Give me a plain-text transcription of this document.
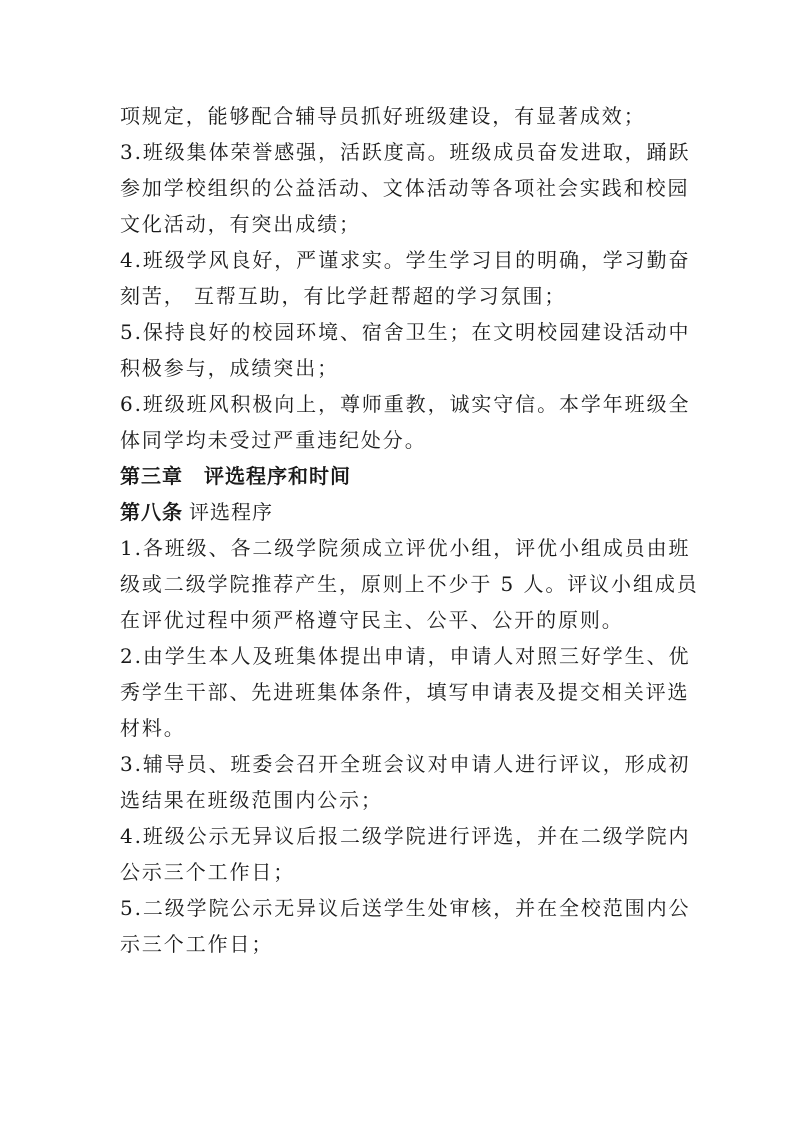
项规定，能够配合辅导员抓好班级建设，有显著成效；
3.班级集体荣誉感强，活跃度高。班级成员奋发进取，踊跃
参加学校组织的公益活动、文体活动等各项社会实践和校园
文化活动，有突出成绩；
4.班级学风良好，严谨求实。学生学习目的明确，学习勤奋
刻苦， 互帮互助，有比学赶帮超的学习氛围；
5.保持良好的校园环境、宿舍卫生；在文明校园建设活动中
积极参与，成绩突出；
6.班级班风积极向上，尊师重教，诚实守信。本学年班级全
体同学均未受过严重违纪处分。
第三章　评选程序和时间
第八条 评选程序
1.各班级、各二级学院须成立评优小组，评优小组成员由班
级或二级学院推荐产生，原则上不少于 5 人。评议小组成员
在评优过程中须严格遵守民主、公平、公开的原则。
2.由学生本人及班集体提出申请，申请人对照三好学生、优
秀学生干部、先进班集体条件，填写申请表及提交相关评选
材料。
3.辅导员、班委会召开全班会议对申请人进行评议，形成初
选结果在班级范围内公示；
4.班级公示无异议后报二级学院进行评选，并在二级学院内
公示三个工作日；
5.二级学院公示无异议后送学生处审核，并在全校范围内公
示三个工作日；
